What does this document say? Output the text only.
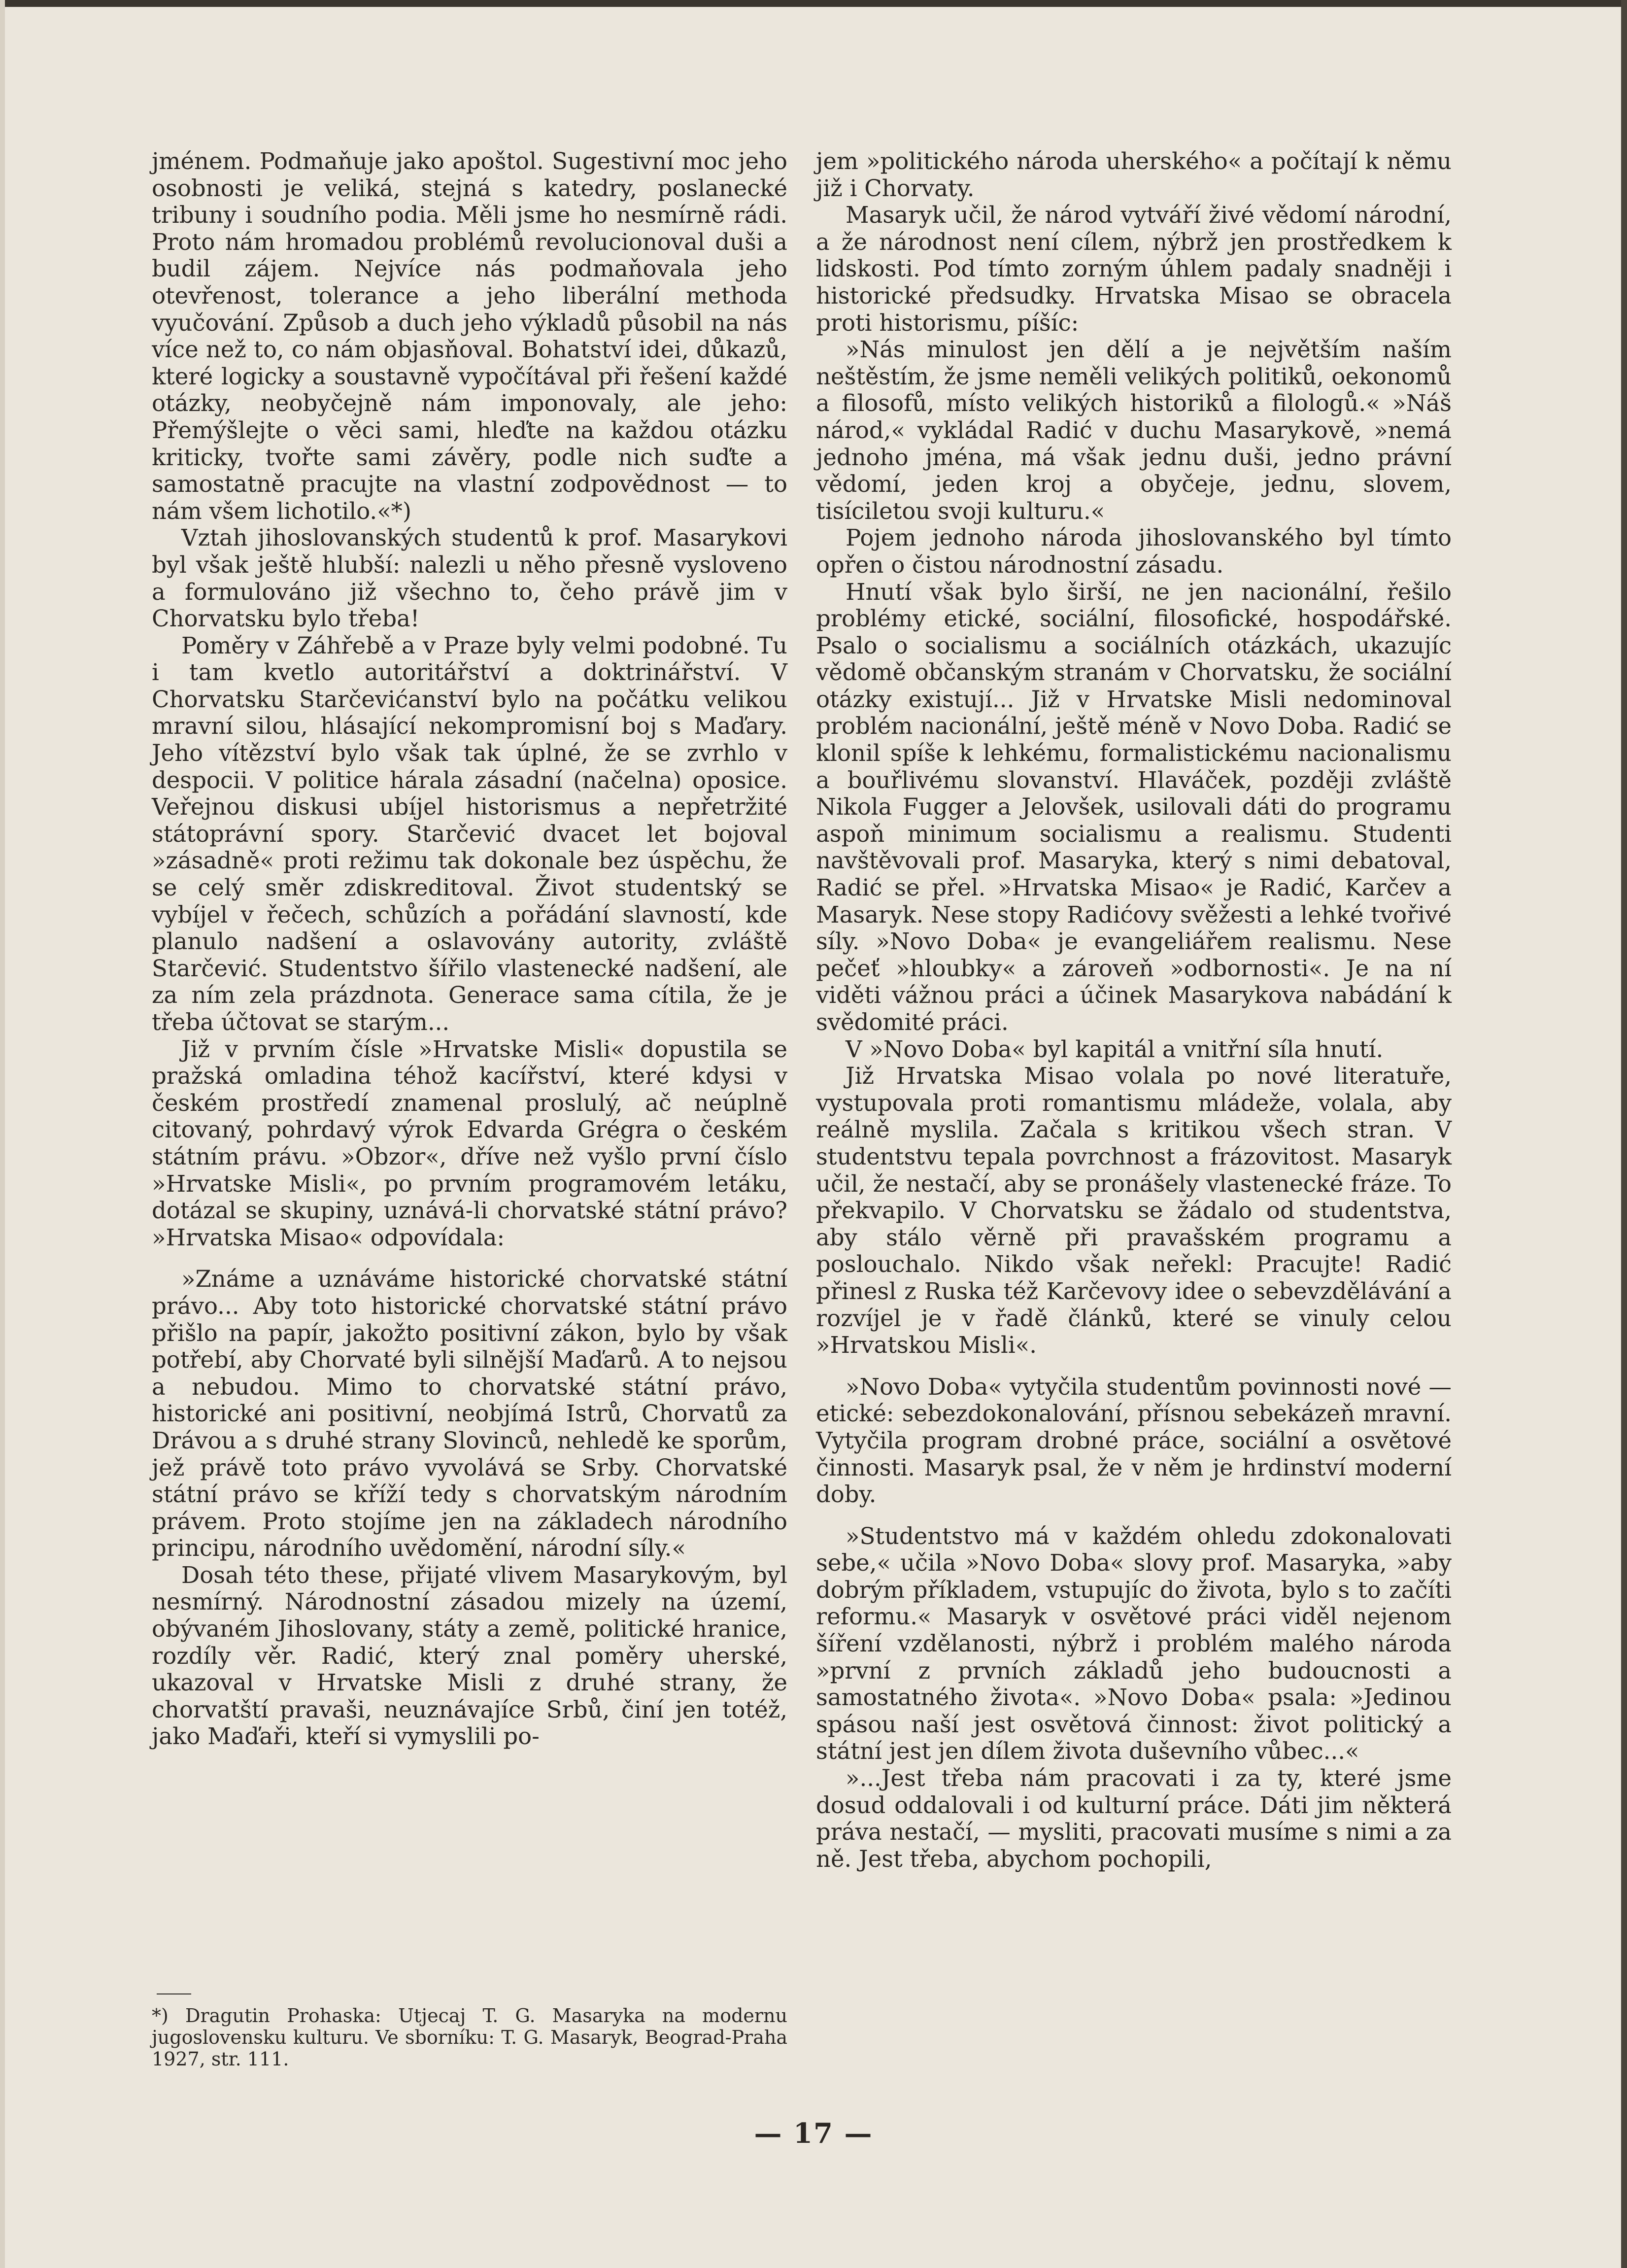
jménem. Podmaňuje jako apoštol. Sugestivní moc jeho osobnosti je veliká, stejná s katedry, poslanecké tribuny i soudního podia. Měli jsme ho nesmírně rádi. Proto nám hromadou problémů revolucionoval duši a budil zájem. Nejvíce nás podmaňovala jeho otevřenost, tolerance a jeho liberální methoda vyučování. Způsob a duch jeho výkladů působil na nás více než to, co nám objasňoval. Bohatství idei, důkazů, které logicky a soustavně vypočítával při řešení každé otázky, neobyčejně nám imponovaly, ale jeho: Přemýšlejte o věci sami, hleďte na každou otázku kriticky, tvořte sami závěry, podle nich suďte a samostatně pracujte na vlastní zodpovědnost — to nám všem lichotilo.«*)

Vztah jihoslovanských studentů k prof. Masarykovi byl však ještě hlubší: nalezli u něho přesně vysloveno a formulováno již všechno to, čeho právě jim v Chorvatsku bylo třeba!

Poměry v Záhřebě a v Praze byly velmi podobné. Tu i tam kvetlo autoritářství a doktrinářství. V Chorvatsku Starčevićanství bylo na počátku velikou mravní silou, hlásající nekompromisní boj s Maďary. Jeho vítězství bylo však tak úplné, že se zvrhlo v despocii. V politice hárala zásadní (načelna) oposice. Veřejnou diskusi ubíjel historismus a nepřetržité státoprávní spory. Starčević dvacet let bojoval »zásadně« proti režimu tak dokonale bez úspěchu, že se celý směr zdiskreditoval. Život studentský se vybíjel v řečech, schůzích a pořádání slavností, kde planulo nadšení a oslavovány autority, zvláště Starčević. Studentstvo šířilo vlastenecké nadšení, ale za ním zela prázdnota. Generace sama cítila, že je třeba účtovat se starým...

Již v prvním čísle »Hrvatske Misli« dopustila se pražská omladina téhož kacířství, které kdysi v českém prostředí znamenal proslulý, ač neúplně citovaný, pohrdavý výrok Edvarda Grégra o českém státním právu. »Obzor«, dříve než vyšlo první číslo »Hrvatske Misli«, po prvním programovém letáku, dotázal se skupiny, uznává-li chorvatské státní právo? »Hrvatska Misao« odpovídala:

»Známe a uznáváme historické chorvatské státní právo... Aby toto historické chorvatské státní právo přišlo na papír, jakožto positivní zákon, bylo by však potřebí, aby Chorvaté byli silnější Maďarů. A to nejsou a nebudou. Mimo to chorvatské státní právo, historické ani positivní, neobjímá Istrů, Chorvatů za Drávou a s druhé strany Slovinců, nehledě ke sporům, jež právě toto právo vyvolává se Srby. Chorvatské státní právo se kříží tedy s chorvatským národním právem. Proto stojíme jen na základech národního principu, národního uvědomění, národní síly.«

Dosah této these, přijaté vlivem Masarykovým, byl nesmírný. Národnostní zásadou mizely na území, obývaném Jihoslovany, státy a země, politické hranice, rozdíly věr. Radić, který znal poměry uherské, ukazoval v Hrvatske Misli z druhé strany, že chorvatští pravaši, neuznávajíce Srbů, činí jen totéž, jako Maďaři, kteří si vymyslili po-

jem »politického národa uherského« a počítají k němu již i Chorvaty.

Masaryk učil, že národ vytváří živé vědomí národní, a že národnost není cílem, nýbrž jen prostředkem k lidskosti. Pod tímto zorným úhlem padaly snadněji i historické předsudky. Hrvatska Misao se obracela proti historismu, píšíc:

»Nás minulost jen dělí a je největším naším neštěstím, že jsme neměli velikých politiků, oekonomů a filosofů, místo velikých historiků a filologů.« »Náš národ,« vykládal Radić v duchu Masarykově, »nemá jednoho jména, má však jednu duši, jedno právní vědomí, jeden kroj a obyčeje, jednu, slovem, tisíciletou svoji kulturu.«

Pojem jednoho národa jihoslovanského byl tímto opřen o čistou národnostní zásadu.

Hnutí však bylo širší, ne jen nacionální, řešilo problémy etické, sociální, filosofické, hospodářské. Psalo o socialismu a sociálních otázkách, ukazujíc vědomě občanským stranám v Chorvatsku, že sociální otázky existují... Již v Hrvatske Misli nedominoval problém nacionální, ještě méně v Novo Doba. Radić se klonil spíše k lehkému, formalistickému nacionalismu a bouřlivému slovanství. Hlaváček, později zvláště Nikola Fugger a Jelovšek, usilovali dáti do programu aspoň minimum socialismu a realismu. Studenti navštěvovali prof. Masaryka, který s nimi debatoval, Radić se přel. »Hrvatska Misao« je Radić, Karčev a Masaryk. Nese stopy Radićovy svěžesti a lehké tvořivé síly. »Novo Doba« je evangeliářem realismu. Nese pečeť »hloubky« a zároveň »odbornosti«. Je na ní viděti vážnou práci a účinek Masarykova nabádání k svědomité práci.

V »Novo Doba« byl kapitál a vnitřní síla hnutí.

Již Hrvatska Misao volala po nové literatuře, vystupovala proti romantismu mládeže, volala, aby reálně myslila. Začala s kritikou všech stran. V studentstvu tepala povrchnost a frázovitost. Masaryk učil, že nestačí, aby se pronášely vlastenecké fráze. To překvapilo. V Chorvatsku se žádalo od studentstva, aby stálo věrně při pravašském programu a poslouchalo. Nikdo však neřekl: Pracujte! Radić přinesl z Ruska též Karčevovy idee o sebevzdělávání a rozvíjel je v řadě článků, které se vinuly celou »Hrvatskou Misli«.

»Novo Doba« vytyčila studentům povinnosti nové — etické: sebezdokonalování, přísnou sebekázeň mravní. Vytyčila program drobné práce, sociální a osvětové činnosti. Masaryk psal, že v něm je hrdinství moderní doby.

»Studentstvo má v každém ohledu zdokonalovati sebe,« učila »Novo Doba« slovy prof. Masaryka, »aby dobrým příkladem, vstupujíc do života, bylo s to začíti reformu.« Masaryk v osvětové práci viděl nejenom šíření vzdělanosti, nýbrž i problém malého národa »první z prvních základů jeho budoucnosti a samostatného života«. »Novo Doba« psala: »Jedinou spásou naší jest osvětová činnost: život politický a státní jest jen dílem života duševního vůbec...«

»...Jest třeba nám pracovati i za ty, které jsme dosud oddalovali i od kulturní práce. Dáti jim některá práva nestačí, — mysliti, pracovati musíme s nimi a za ně. Jest třeba, abychom pochopili,

*) Dragutin Prohaska: Utjecaj T. G. Masaryka na modernu jugoslovensku kulturu. Ve sborníku: T. G. Masaryk, Beograd-Praha 1927, str. 111.
— 17 —
